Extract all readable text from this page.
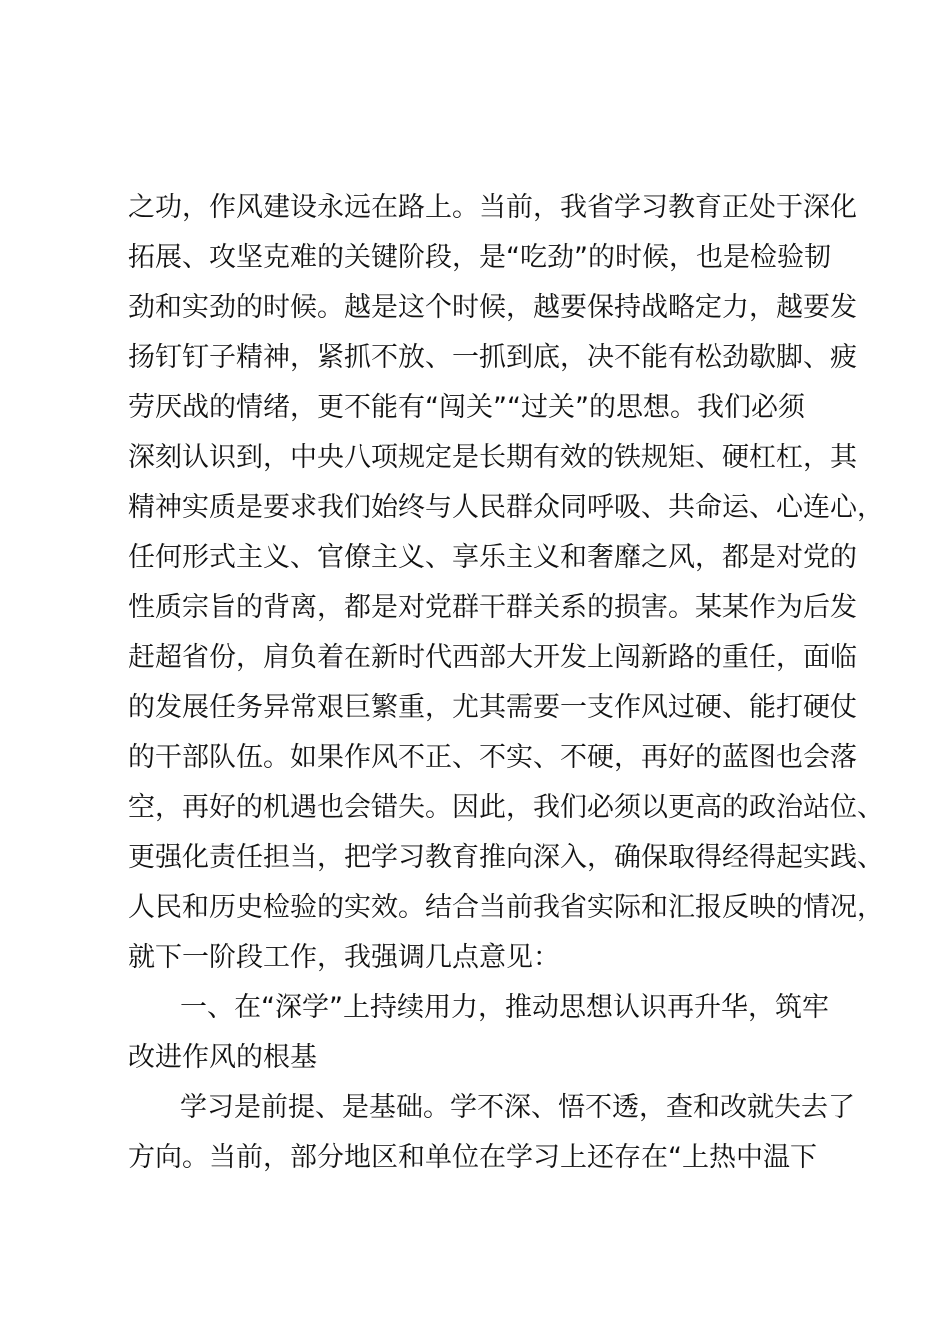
之功，作风建设永远在路上。当前，我省学习教育正处于深化
拓展、攻坚克难的关键阶段，是“吃劲”的时候，也是检验韧
劲和实劲的时候。越是这个时候，越要保持战略定力，越要发
扬钉钉子精神，紧抓不放、一抓到底，决不能有松劲歇脚、疲
劳厌战的情绪，更不能有“闯关”“过关”的思想。我们必须
深刻认识到，中央八项规定是长期有效的铁规矩、硬杠杠，其
精神实质是要求我们始终与人民群众同呼吸、共命运、心连心，
任何形式主义、官僚主义、享乐主义和奢靡之风，都是对党的
性质宗旨的背离，都是对党群干群关系的损害。某某作为后发
赶超省份，肩负着在新时代西部大开发上闯新路的重任，面临
的发展任务异常艰巨繁重，尤其需要一支作风过硬、能打硬仗
的干部队伍。如果作风不正、不实、不硬，再好的蓝图也会落
空，再好的机遇也会错失。因此，我们必须以更高的政治站位、
更强化责任担当，把学习教育推向深入，确保取得经得起实践、
人民和历史检验的实效。结合当前我省实际和汇报反映的情况，
就下一阶段工作，我强调几点意见：
一、在“深学”上持续用力，推动思想认识再升华，筑牢
改进作风的根基
学习是前提、是基础。学不深、悟不透，查和改就失去了
方向。当前，部分地区和单位在学习上还存在“上热中温下
